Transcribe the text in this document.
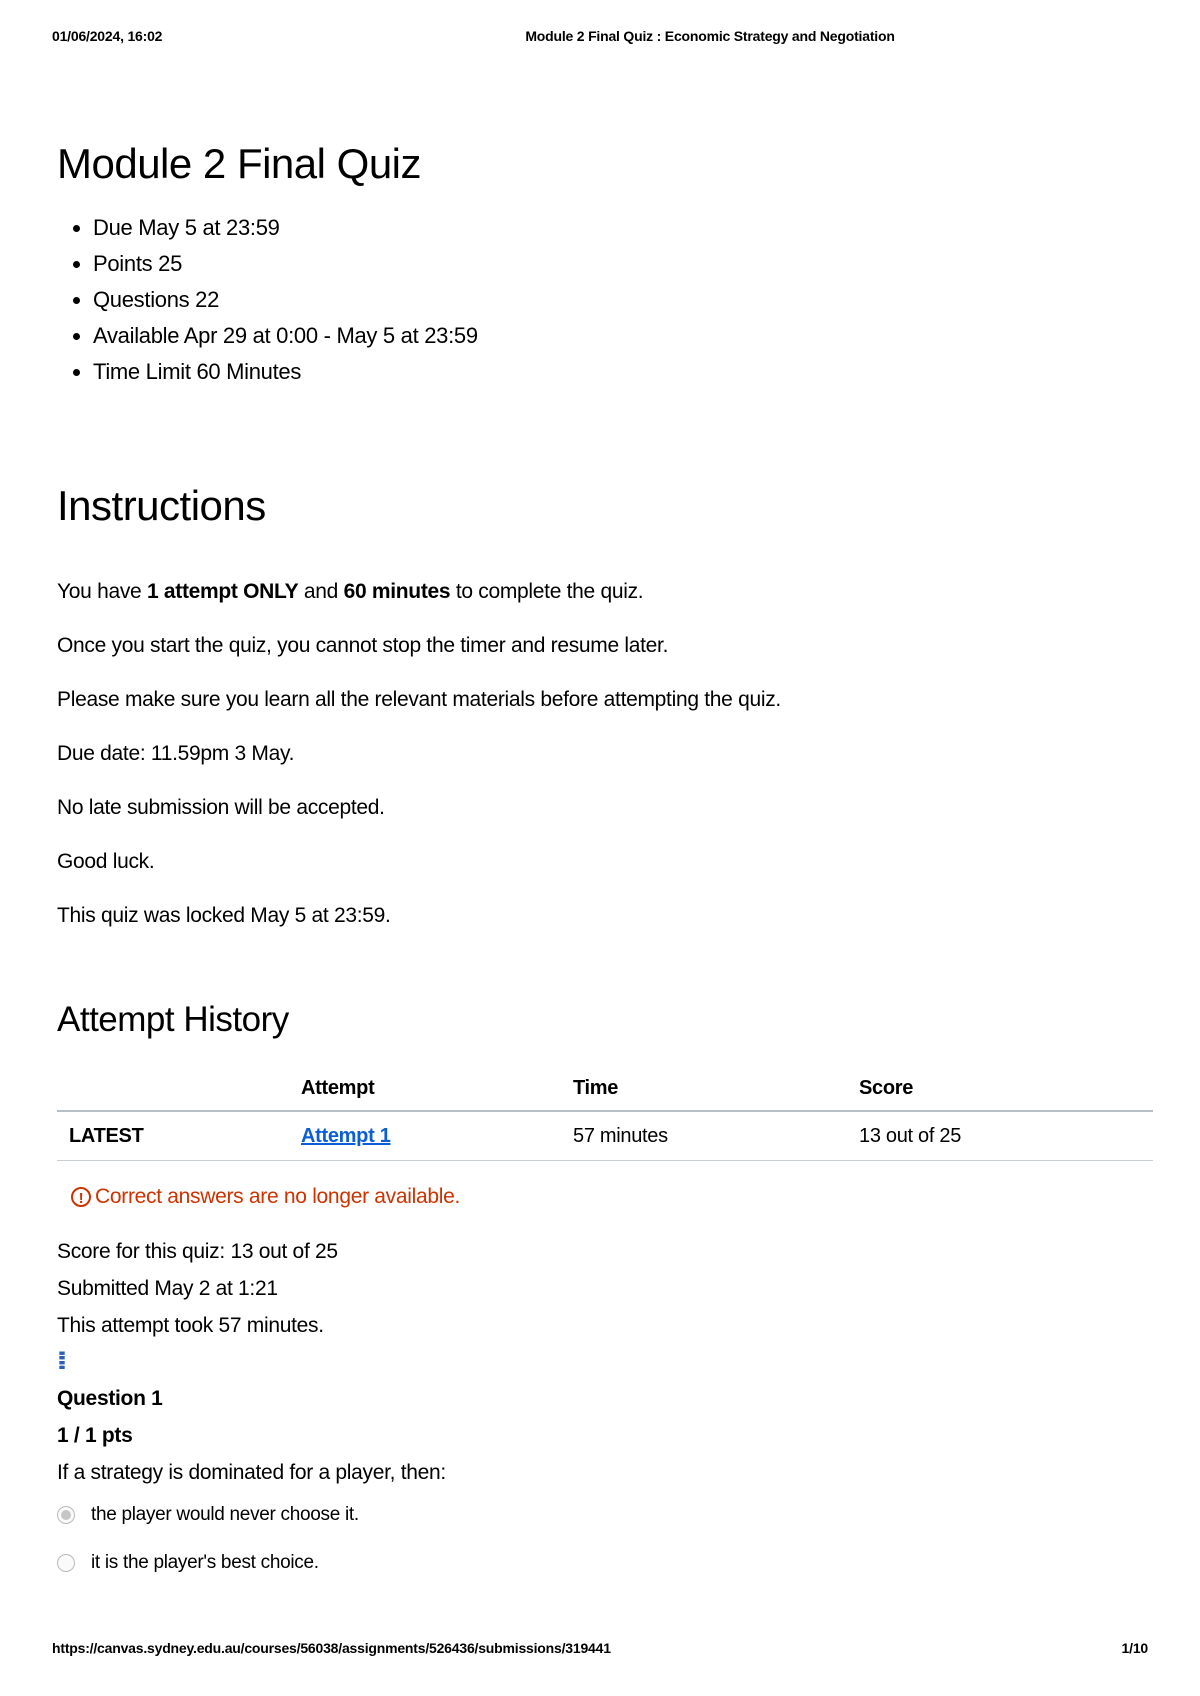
01/06/2024, 16:02	Module 2 Final Quiz : Economic Strategy and Negotiation
Module 2 Final Quiz
• Due May 5 at 23:59
• Points 25
• Questions 22
• Available Apr 29 at 0:00 - May 5 at 23:59
• Time Limit 60 Minutes
Instructions

You have 1 attempt ONLY and 60 minutes to complete the quiz.

Once you start the quiz, you cannot stop the timer and resume later.

Please make sure you learn all the relevant materials before attempting the quiz.

Due date: 11.59pm 3 May.

No late submission will be accepted.

Good luck.

This quiz was locked May 5 at 23:59.

Attempt History
	Attempt	Time	Score
LATEST	Attempt 1	57 minutes	13 out of 25
! Correct answers are no longer available.
Score for this quiz: 13 out of 25
Submitted May 2 at 1:21
This attempt took 57 minutes.
⁞⁞
Question 1
1 / 1 pts
If a strategy is dominated for a player, then:
the player would never choose it.
it is the player's best choice.
https://canvas.sydney.edu.au/courses/56038/assignments/526436/submissions/319441	1/10
